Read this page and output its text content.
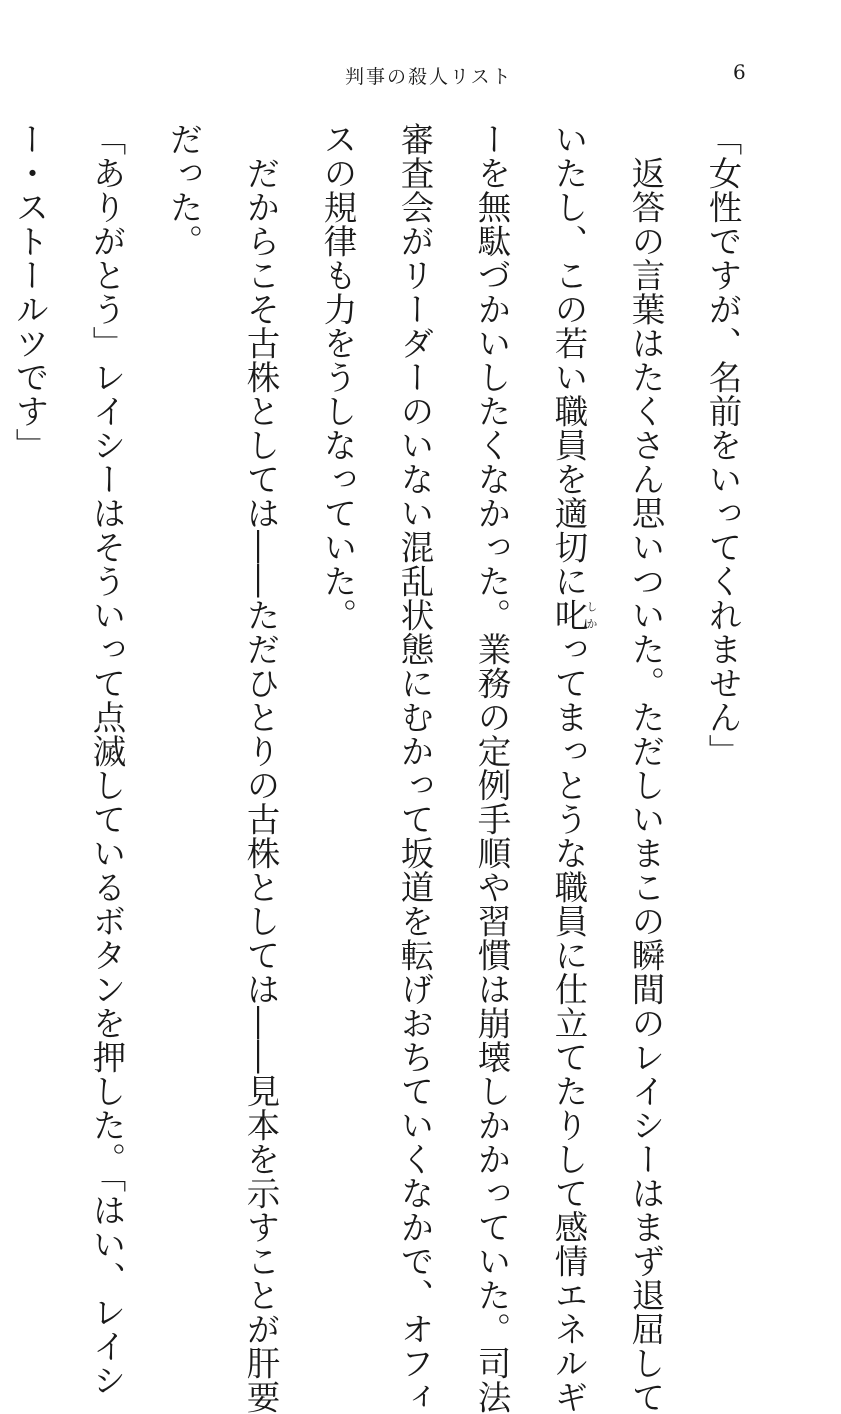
判事の殺人リスト	6
「女性ですが、名前をいってくれません」
　返答の言葉はたくさん思いついた。ただしいまこの瞬間のレイシーはまず退屈して
いたし、この若い職員を適切に叱しかってまっとうな職員に仕立てたりして感情エネルギ
ーを無駄づかいしたくなかった。業務の定例手順や習慣は崩壊しかかっていた。司法
審査会がリーダーのいない混乱状態にむかって坂道を転げおちていくなかで、オフィ
スの規律も力をうしなっていた。
　だからこそ古株としては――ただひとりの古株としては――見本を示すことが肝要
だった。
「ありがとう」レイシーはそういって点滅しているボタンを押した。「はい、レイシ
ー・ストールツです」
